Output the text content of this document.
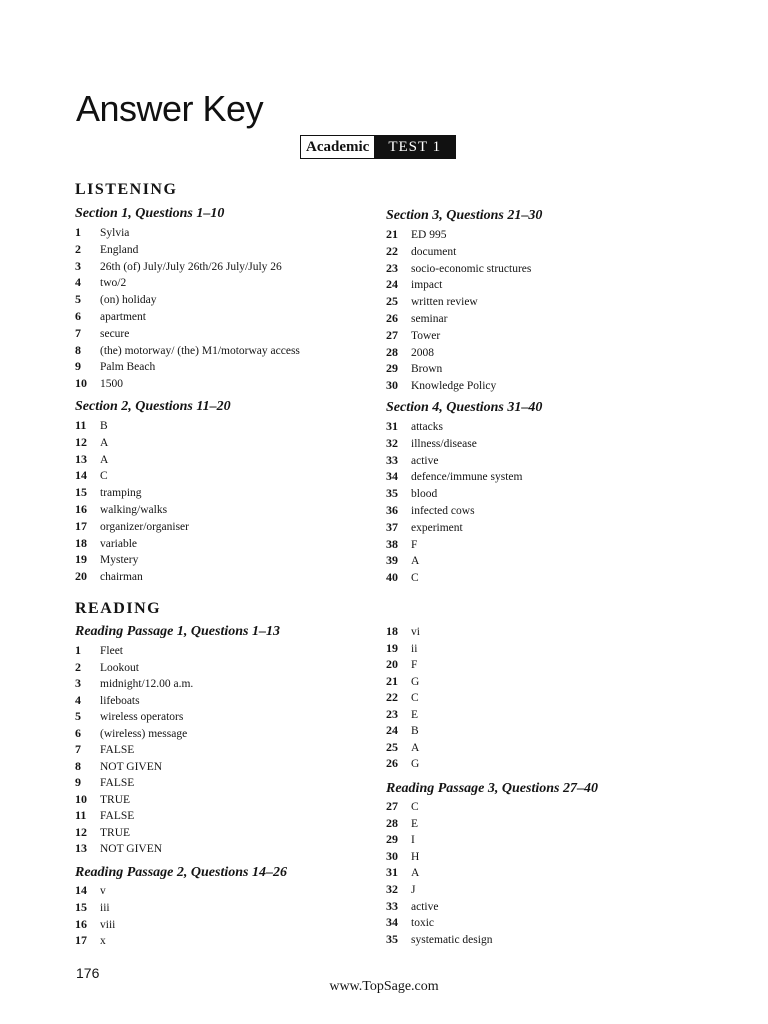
Answer Key
Academic	TEST 1
LISTENING
Section 1, Questions 1–10
1	Sylvia
2	England
3	26th (of) July/July 26th/26 July/July 26
4	two/2
5	(on) holiday
6	apartment
7	secure
8	(the) motorway/ (the) M1/motorway access
9	Palm Beach
10	1500
Section 2, Questions 11–20
11	B
12	A
13	A
14	C
15	tramping
16	walking/walks
17	organizer/organiser
18	variable
19	Mystery
20	chairman
Section 3, Questions 21–30
21	ED 995
22	document
23	socio-economic structures
24	impact
25	written review
26	seminar
27	Tower
28	2008
29	Brown
30	Knowledge Policy
Section 4, Questions 31–40
31	attacks
32	illness/disease
33	active
34	defence/immune system
35	blood
36	infected cows
37	experiment
38	F
39	A
40	C
READING
Reading Passage 1, Questions 1–13
1	Fleet
2	Lookout
3	midnight/12.00 a.m.
4	lifeboats
5	wireless operators
6	(wireless) message
7	FALSE
8	NOT GIVEN
9	FALSE
10	TRUE
11	FALSE
12	TRUE
13	NOT GIVEN
Reading Passage 2, Questions 14–26
14	v
15	iii
16	viii
17	x
18	vi
19	ii
20	F
21	G
22	C
23	E
24	B
25	A
26	G
Reading Passage 3, Questions 27–40
27	C
28	E
29	I
30	H
31	A
32	J
33	active
34	toxic
35	systematic design
176
www.TopSage.com
